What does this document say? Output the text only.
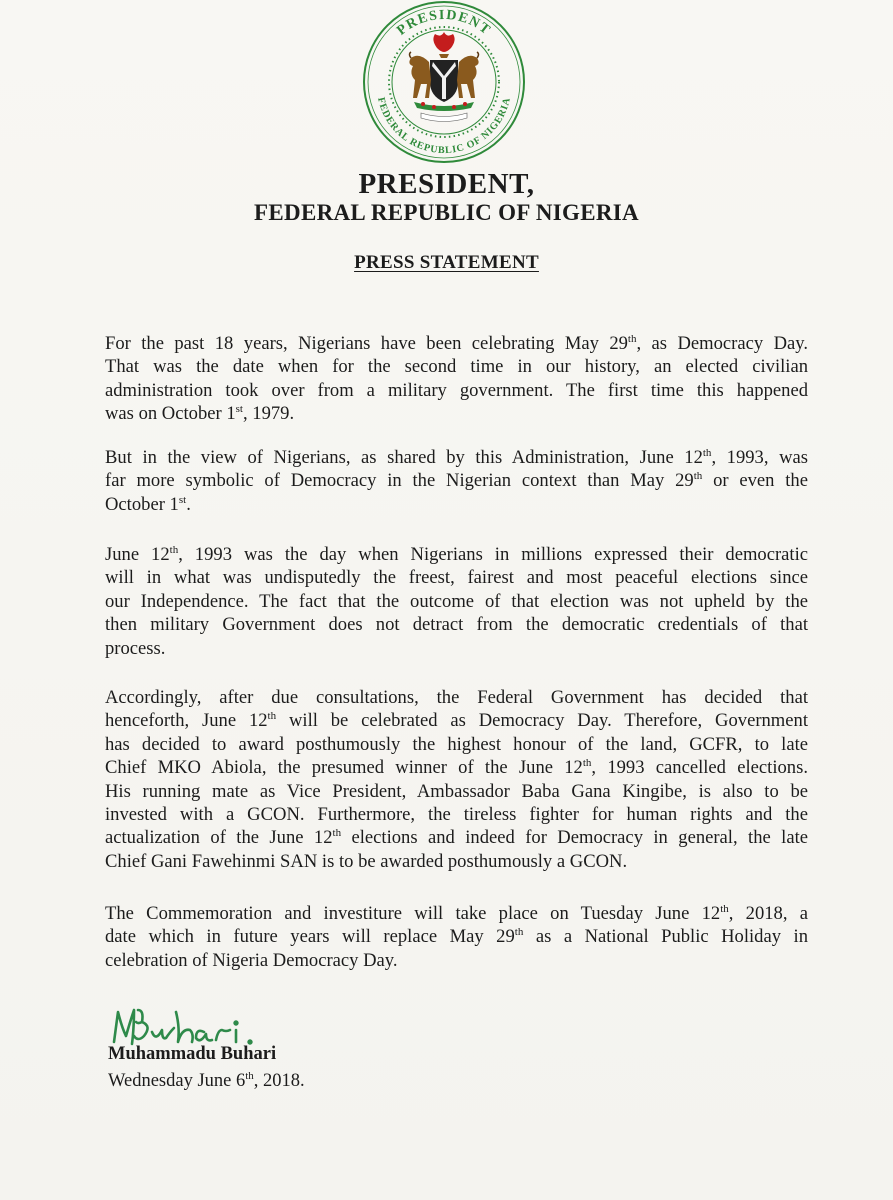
PRESIDENT
FEDERAL REPUBLIC OF NIGERIA
PRESIDENT,
FEDERAL REPUBLIC OF NIGERIA
PRESS STATEMENT

For the past 18 years, Nigerians have been celebrating May 29th, as Democracy Day.
That was the date when for the second time in our history, an elected civilian
administration took over from a military government. The first time this happened
was on October 1st, 1979.

But in the view of Nigerians, as shared by this Administration, June 12th, 1993, was
far more symbolic of Democracy in the Nigerian context than May 29th or even the
October 1st.

June 12th, 1993 was the day when Nigerians in millions expressed their democratic
will in what was undisputedly the freest, fairest and most peaceful elections since
our Independence. The fact that the outcome of that election was not upheld by the
then military Government does not detract from the democratic credentials of that
process.

Accordingly, after due consultations, the Federal Government has decided that
henceforth, June 12th will be celebrated as Democracy Day. Therefore, Government
has decided to award posthumously the highest honour of the land, GCFR, to late
Chief MKO Abiola, the presumed winner of the June 12th, 1993 cancelled elections.
His running mate as Vice President, Ambassador Baba Gana Kingibe, is also to be
invested with a GCON. Furthermore, the tireless fighter for human rights and the
actualization of the June 12th elections and indeed for Democracy in general, the late
Chief Gani Fawehinmi SAN is to be awarded posthumously a GCON.

The Commemoration and investiture will take place on Tuesday June 12th, 2018, a
date which in future years will replace May 29th as a National Public Holiday in
celebration of Nigeria Democracy Day.

Muhammadu Buhari

Wednesday June 6th, 2018.
